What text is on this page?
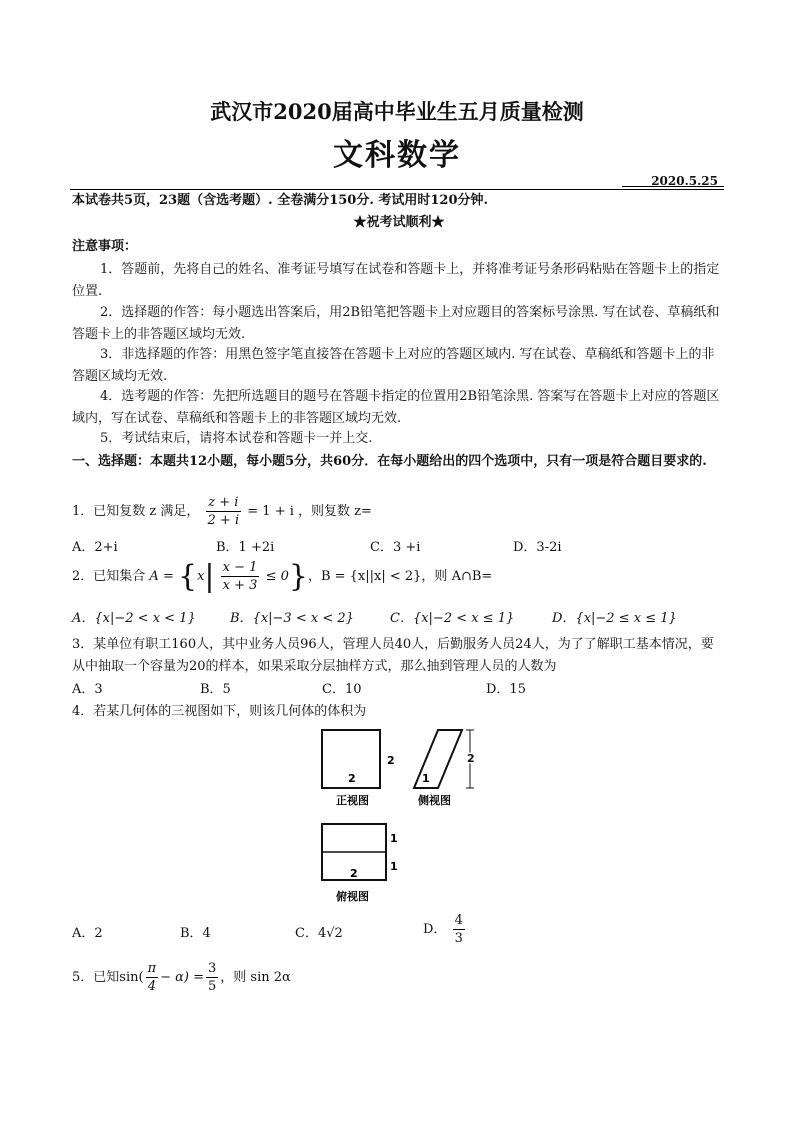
武汉市2020届高中毕业生五月质量检测
文科数学
2020.5.25
本试卷共5页，23题（含选考题）. 全卷满分150分. 考试用时120分钟.
★祝考试顺利★
注意事项：
1．答题前，先将自己的姓名、准考证号填写在试卷和答题卡上，并将准考证号条形码粘贴在答题卡上的指定位置.
2．选择题的作答：每小题选出答案后，用2B铅笔把答题卡上对应题目的答案标号涂黑. 写在试卷、草稿纸和答题卡上的非答题区域均无效.
3．非选择题的作答：用黑色签字笔直接答在答题卡上对应的答题区域内. 写在试卷、草稿纸和答题卡上的非答题区域均无效.
4．选考题的作答：先把所选题目的题号在答题卡指定的位置用2B铅笔涂黑. 答案写在答题卡上对应的答题区域内，写在试卷、草稿纸和答题卡上的非答题区域均无效.
5．考试结束后，请将本试卷和答题卡一并上交.
一、选择题：本题共12小题，每小题5分，共60分．在每小题给出的四个选项中，只有一项是符合题目要求的.
1．已知复数 z 满足， $\frac{z + i}{2 + i} = 1 + i$ ，则复数 z=
A．2+i	B．1 +2i	C．3 +i	D．3-2i
2．已知集合 $A = \{x| \frac{x - 1}{x + 3} \le 0\}$，B = {x||x| < 2}，则 A∩B=
A．{x|−2 < x < 1}	B．{x|−3 < x < 2}	C．{x|−2 < x ≤ 1}	D．{x|−2 ≤ x ≤ 1}
3．某单位有职工160人，其中业务人员96人，管理人员40人，后勤服务人员24人，为了了解职工基本情况，要从中抽取一个容量为20的样本，如果采取分层抽样方式，那么抽到管理人员的人数为
A．3	B．5	C．10	D．15
4．若某几何体的三视图如下，则该几何体的体积为
2
2
正视图
1
2
侧视图
1
1
2
俯视图
A．2	B．4	C．4√2	D． $\frac{4}{3}$
5．已知$\sin( \frac{\pi}{4} - \alpha) = \frac{3}{5}$ ，则 sin 2α
